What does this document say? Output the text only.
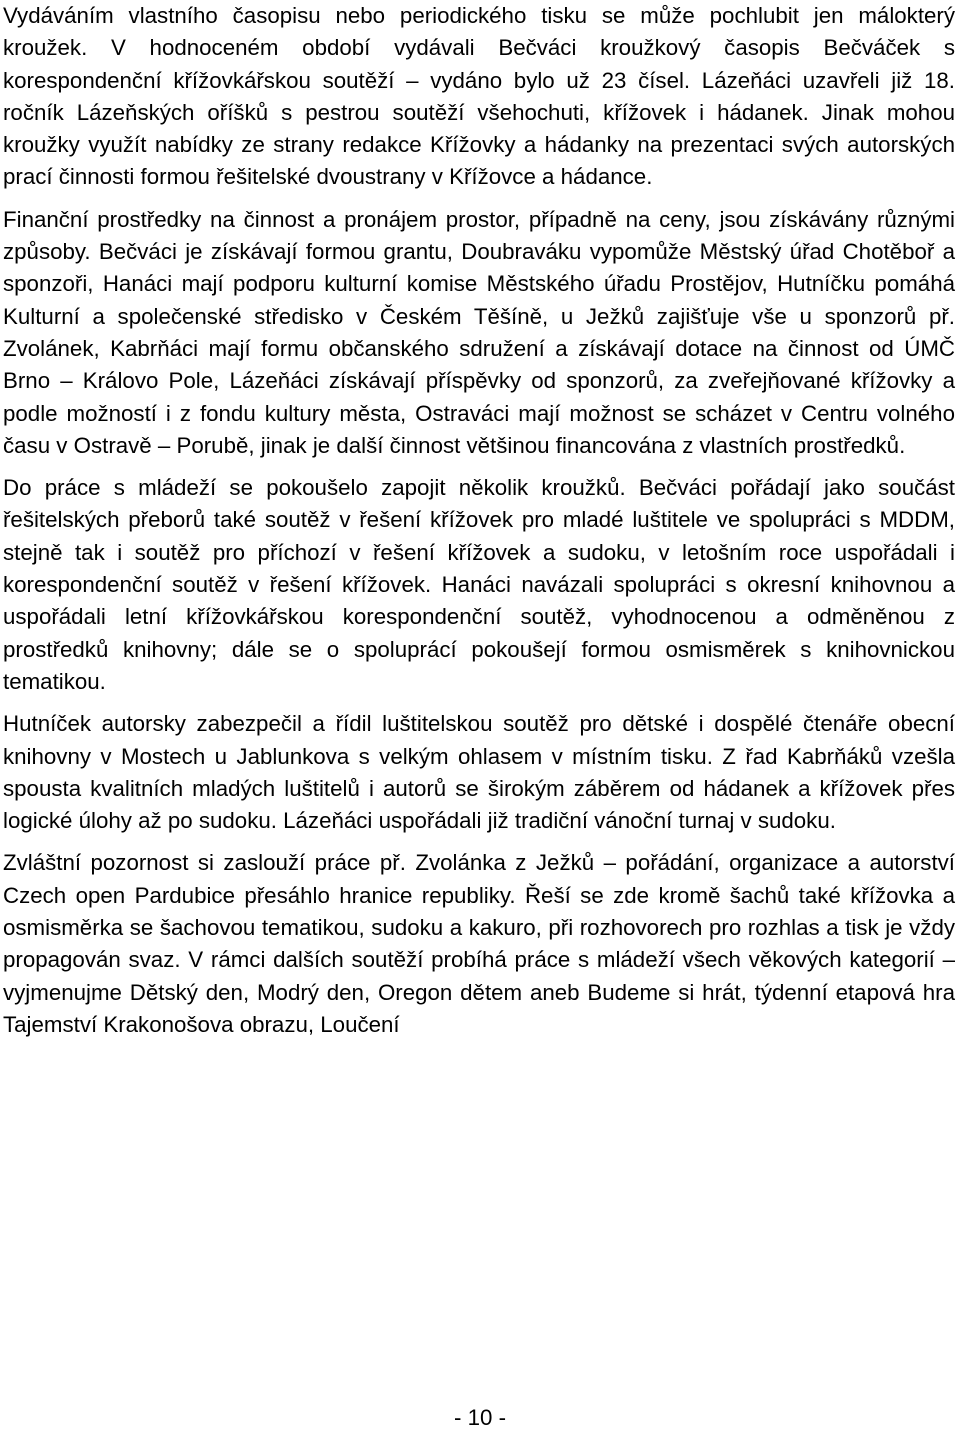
Vydáváním vlastního časopisu nebo periodického tisku se může pochlubit jen málokterý kroužek. V hodnoceném období vydávali Bečváci kroužkový časopis Bečváček s korespondenční křížovkářskou soutěží – vydáno bylo už 23 čísel. Lázeňáci uzavřeli již 18. ročník Lázeňských oříšků s pestrou soutěží všehochuti, křížovek i hádanek. Jinak mohou kroužky využít nabídky ze strany redakce Křížovky a hádanky na prezentaci svých autorských prací činnosti formou řešitelské dvoustrany v Křížovce a hádance.

Finanční prostředky na činnost a pronájem prostor, případně na ceny, jsou získávány různými způsoby. Bečváci je získávají formou grantu, Doubraváku vypomůže Městský úřad Chotěboř a sponzoři, Hanáci mají podporu kulturní komise Městského úřadu Prostějov, Hutníčku pomáhá Kulturní a společenské středisko v Českém Těšíně, u Ježků zajišťuje vše u sponzorů př. Zvolánek, Kabrňáci mají formu občanského sdružení a získávají dotace na činnost od ÚMČ Brno – Královo Pole, Lázeňáci získávají příspěvky od sponzorů, za zveřejňované křížovky a podle možností i z fondu kultury města, Ostraváci mají možnost se scházet v Centru volného času v Ostravě – Porubě, jinak je další činnost většinou financována z vlastních prostředků.

Do práce s mládeží se pokoušelo zapojit několik kroužků. Bečváci pořádají jako součást řešitelských přeborů také soutěž v řešení křížovek pro mladé luštitele ve spolupráci s MDDM, stejně tak i soutěž pro příchozí v řešení křížovek a sudoku, v letošním roce uspořádali i korespondenční soutěž v řešení křížovek. Hanáci navázali spolupráci s okresní knihovnou a uspořádali letní křížovkářskou korespondenční soutěž, vyhodnocenou a odměněnou z prostředků knihovny; dále se o spoluprácí pokoušejí formou osmisměrek s knihovnickou tematikou.

Hutníček autorsky zabezpečil a řídil luštitelskou soutěž pro dětské i dospělé čtenáře obecní knihovny v Mostech u Jablunkova s velkým ohlasem v místním tisku. Z řad Kabrňáků vzešla spousta kvalitních mladých luštitelů i autorů se širokým záběrem od hádanek a křížovek přes logické úlohy až po sudoku. Lázeňáci uspořádali již tradiční vánoční turnaj v sudoku.

Zvláštní pozornost si zaslouží práce př. Zvolánka z Ježků – pořádání, organizace a autorství Czech open Pardubice přesáhlo hranice republiky. Řeší se zde kromě šachů také křížovka a osmisměrka se šachovou tematikou, sudoku a kakuro, při rozhovorech pro rozhlas a tisk je vždy propagován svaz. V rámci dalších soutěží probíhá práce s mládeží všech věkových kategorií – vyjmenujme Dětský den, Modrý den, Oregon dětem aneb Budeme si hrát, týdenní etapová hra Tajemství Krakonošova obrazu, Loučení

- 10 -
